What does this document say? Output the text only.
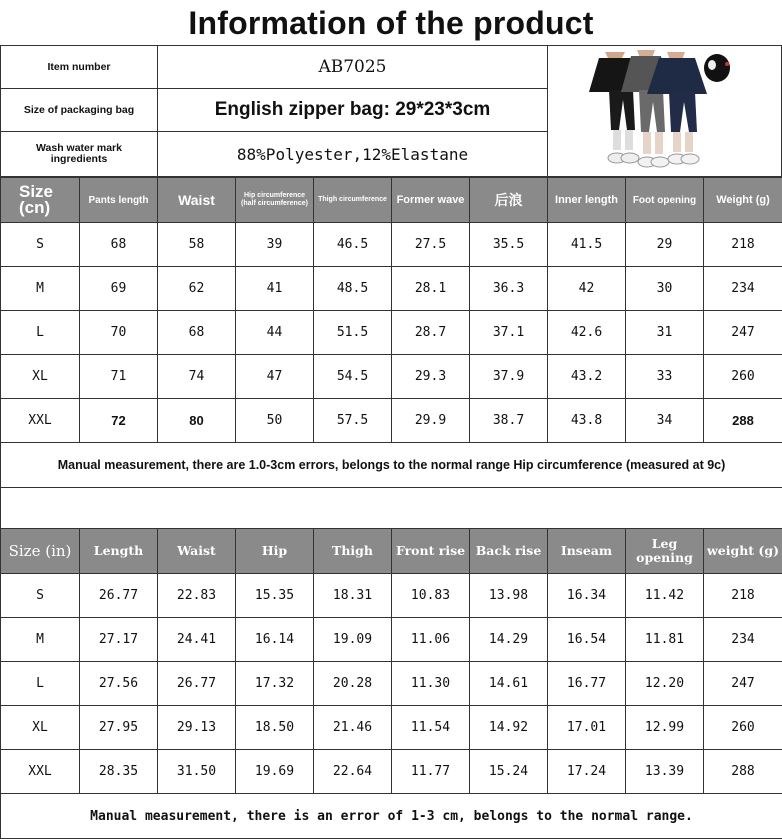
Information of the product
Item number	AB7025
Size of packaging bag	English zipper bag: 29*23*3cm
Wash water mark ingredients	88%Polyester,12%Elastane
Size (cn)	Pants length	Waist	Hip circumference (half circumference)	Thigh circumference	Former wave	后浪	Inner length	Foot opening	Weight (g)
S	68	58	39	46.5	27.5	35.5	41.5	29	218
M	69	62	41	48.5	28.1	36.3	42	30	234
L	70	68	44	51.5	28.7	37.1	42.6	31	247
XL	71	74	47	54.5	29.3	37.9	43.2	33	260
XXL	72	80	50	57.5	29.9	38.7	43.8	34	288
Manual measurement, there are 1.0-3cm errors, belongs to the normal range Hip circumference (measured at 9c)									

Size (in)	Length	Waist	Hip	Thigh	Front rise	Back rise	Inseam	Leg opening	weight (g)
S	26.77	22.83	15.35	18.31	10.83	13.98	16.34	11.42	218
M	27.17	24.41	16.14	19.09	11.06	14.29	16.54	11.81	234
L	27.56	26.77	17.32	20.28	11.30	14.61	16.77	12.20	247
XL	27.95	29.13	18.50	21.46	11.54	14.92	17.01	12.99	260
XXL	28.35	31.50	19.69	22.64	11.77	15.24	17.24	13.39	288
Manual measurement, there is an error of 1-3 cm, belongs to the normal range.									
